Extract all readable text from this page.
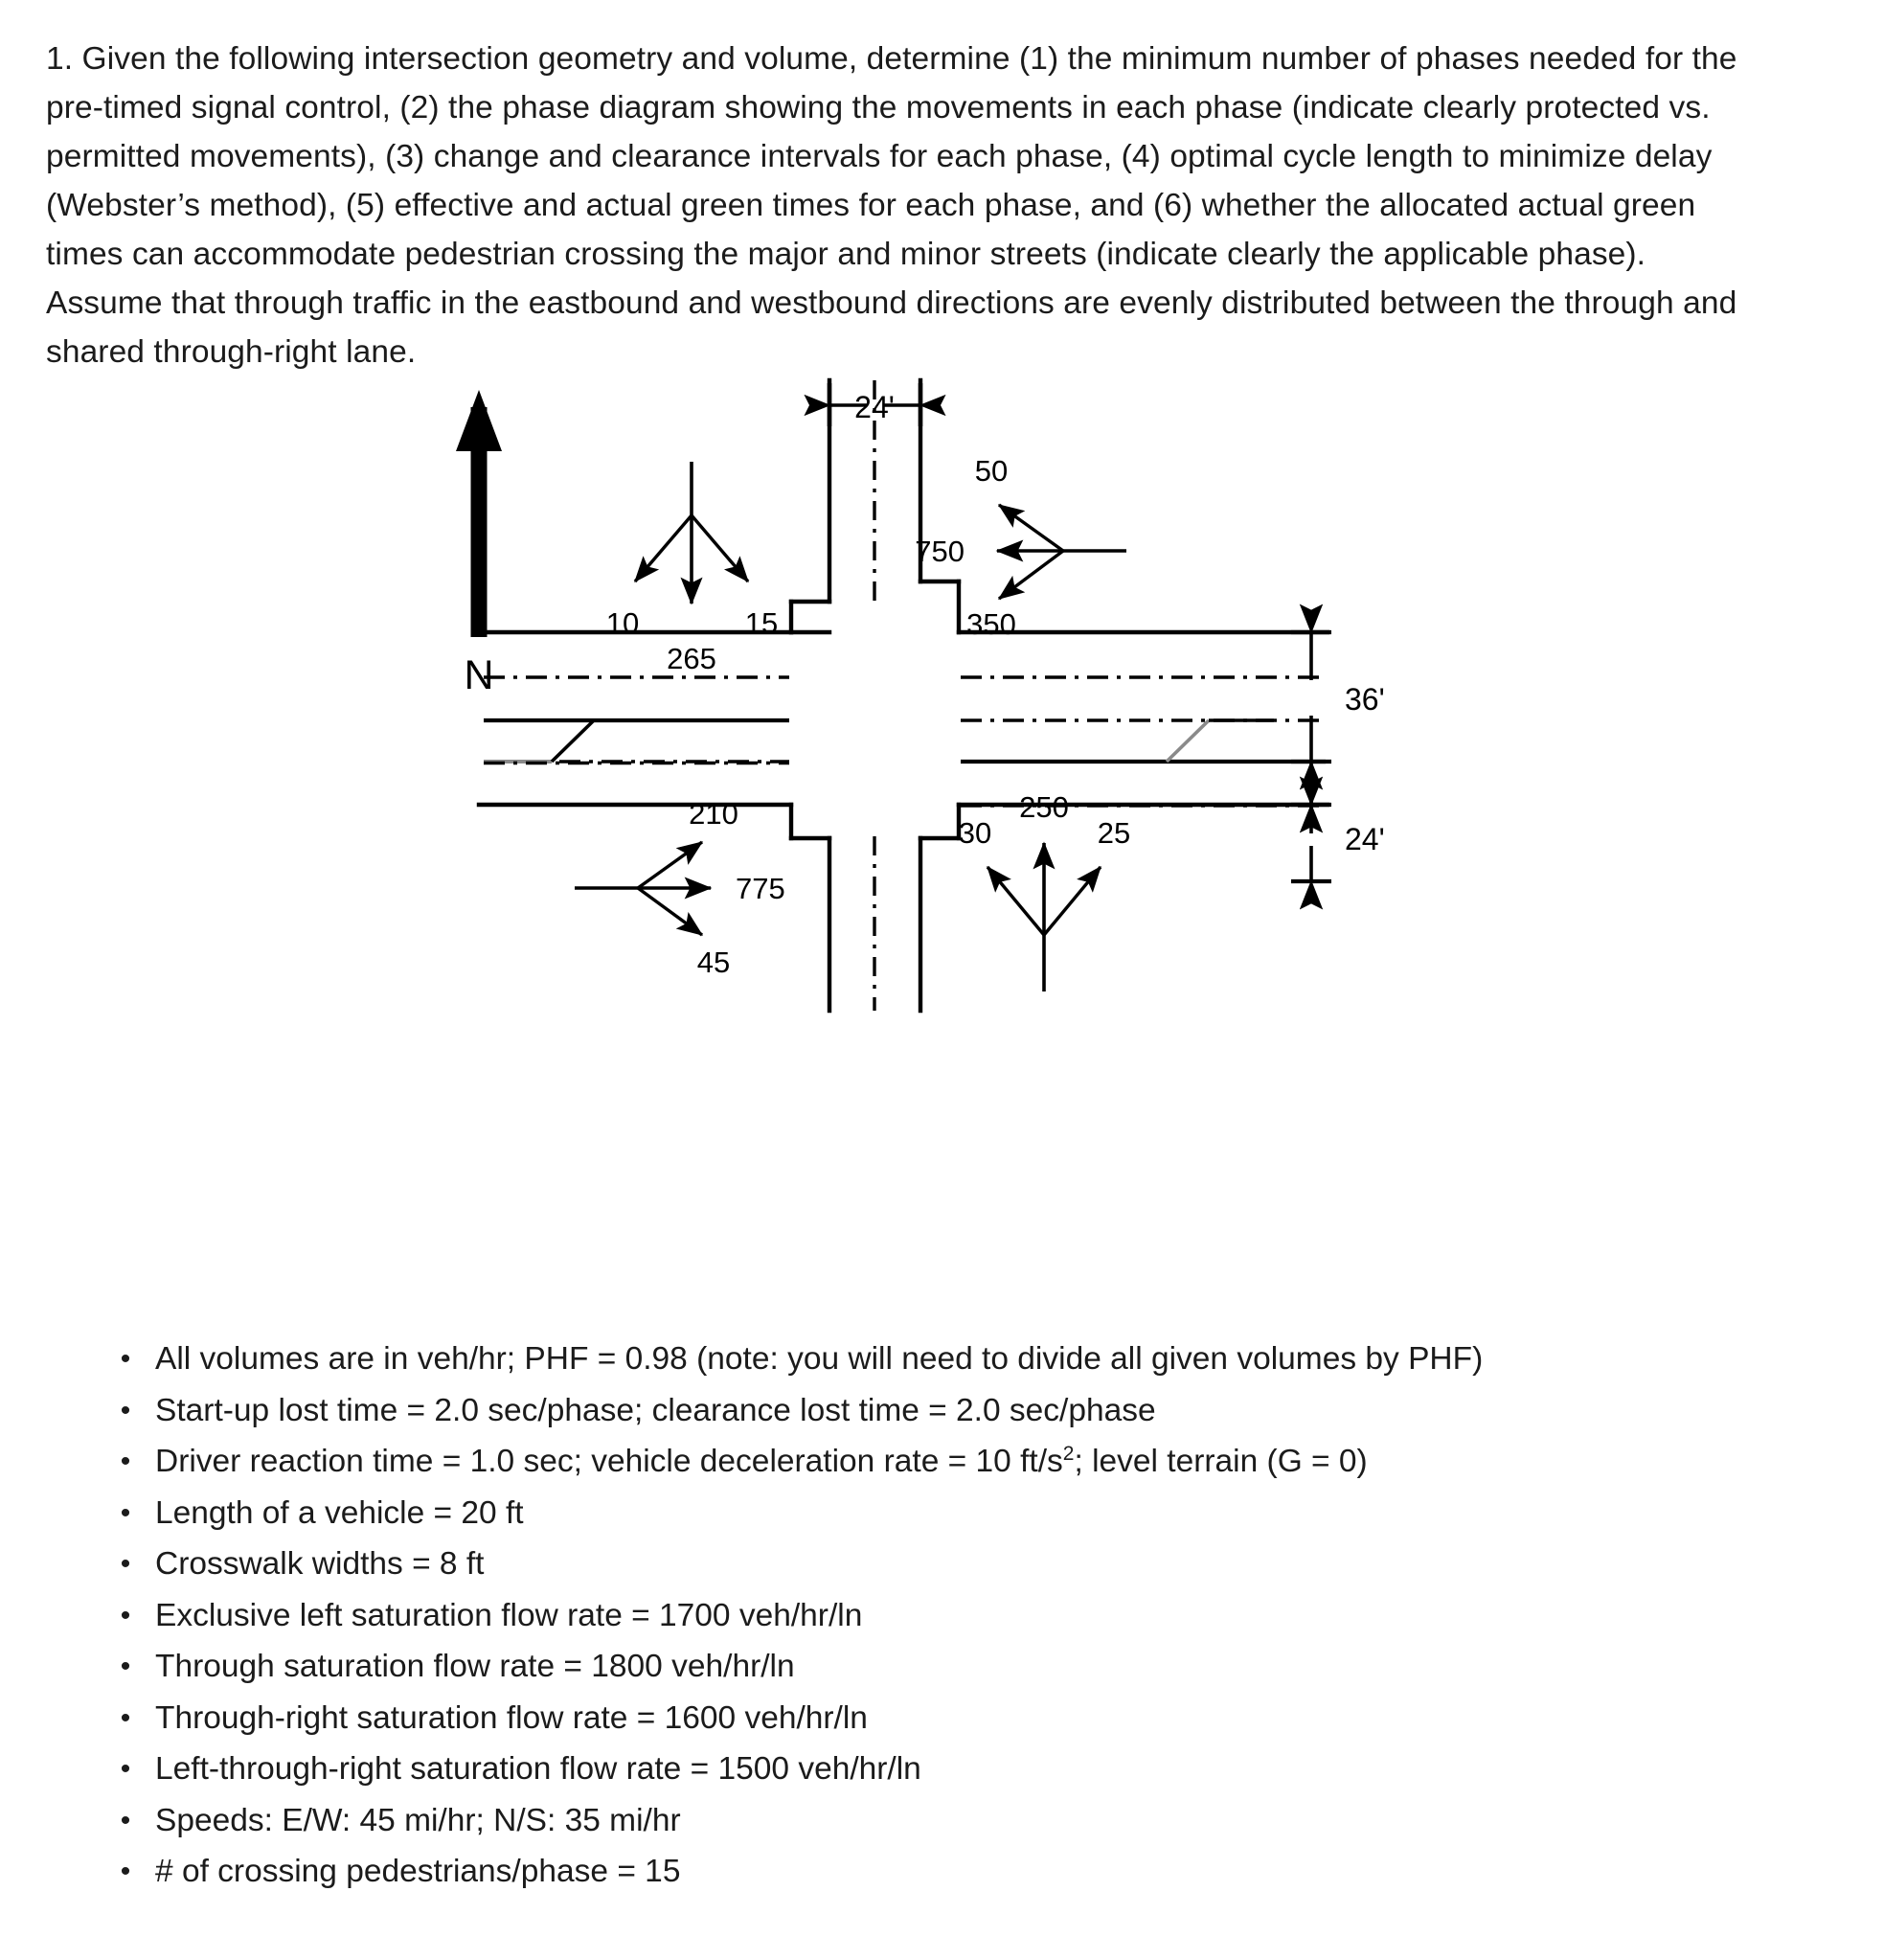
1. Given the following intersection geometry and volume, determine (1) the minimum number of phases needed for the pre-timed signal control, (2) the phase diagram showing the movements in each phase (indicate clearly protected vs. permitted movements), (3) change and clearance intervals for each phase, (4) optimal cycle length to minimize delay (Webster’s method), (5) effective and actual green times for each phase, and (6) whether the allocated actual green times can accommodate pedestrian crossing the major and minor streets (indicate clearly the applicable phase). Assume that through traffic in the eastbound and westbound directions are evenly distributed between the through and shared through-right lane.
N
24'
36'
24'
10
265
15
50
750
350
210
775
45
30
250
25
• All volumes are in veh/hr; PHF = 0.98 (note: you will need to divide all given volumes by PHF)
• Start-up lost time = 2.0 sec/phase; clearance lost time = 2.0 sec/phase
• Driver reaction time = 1.0 sec; vehicle deceleration rate = 10 $ft/s^2$; level terrain (G = 0)
• Length of a vehicle = 20 ft
• Crosswalk widths = 8 ft
• Exclusive left saturation flow rate = 1700 veh/hr/ln
• Through saturation flow rate = 1800 veh/hr/ln
• Through-right saturation flow rate = 1600 veh/hr/ln
• Left-through-right saturation flow rate = 1500 veh/hr/ln
• Speeds: E/W: 45 mi/hr; N/S: 35 mi/hr
• # of crossing pedestrians/phase = 15
